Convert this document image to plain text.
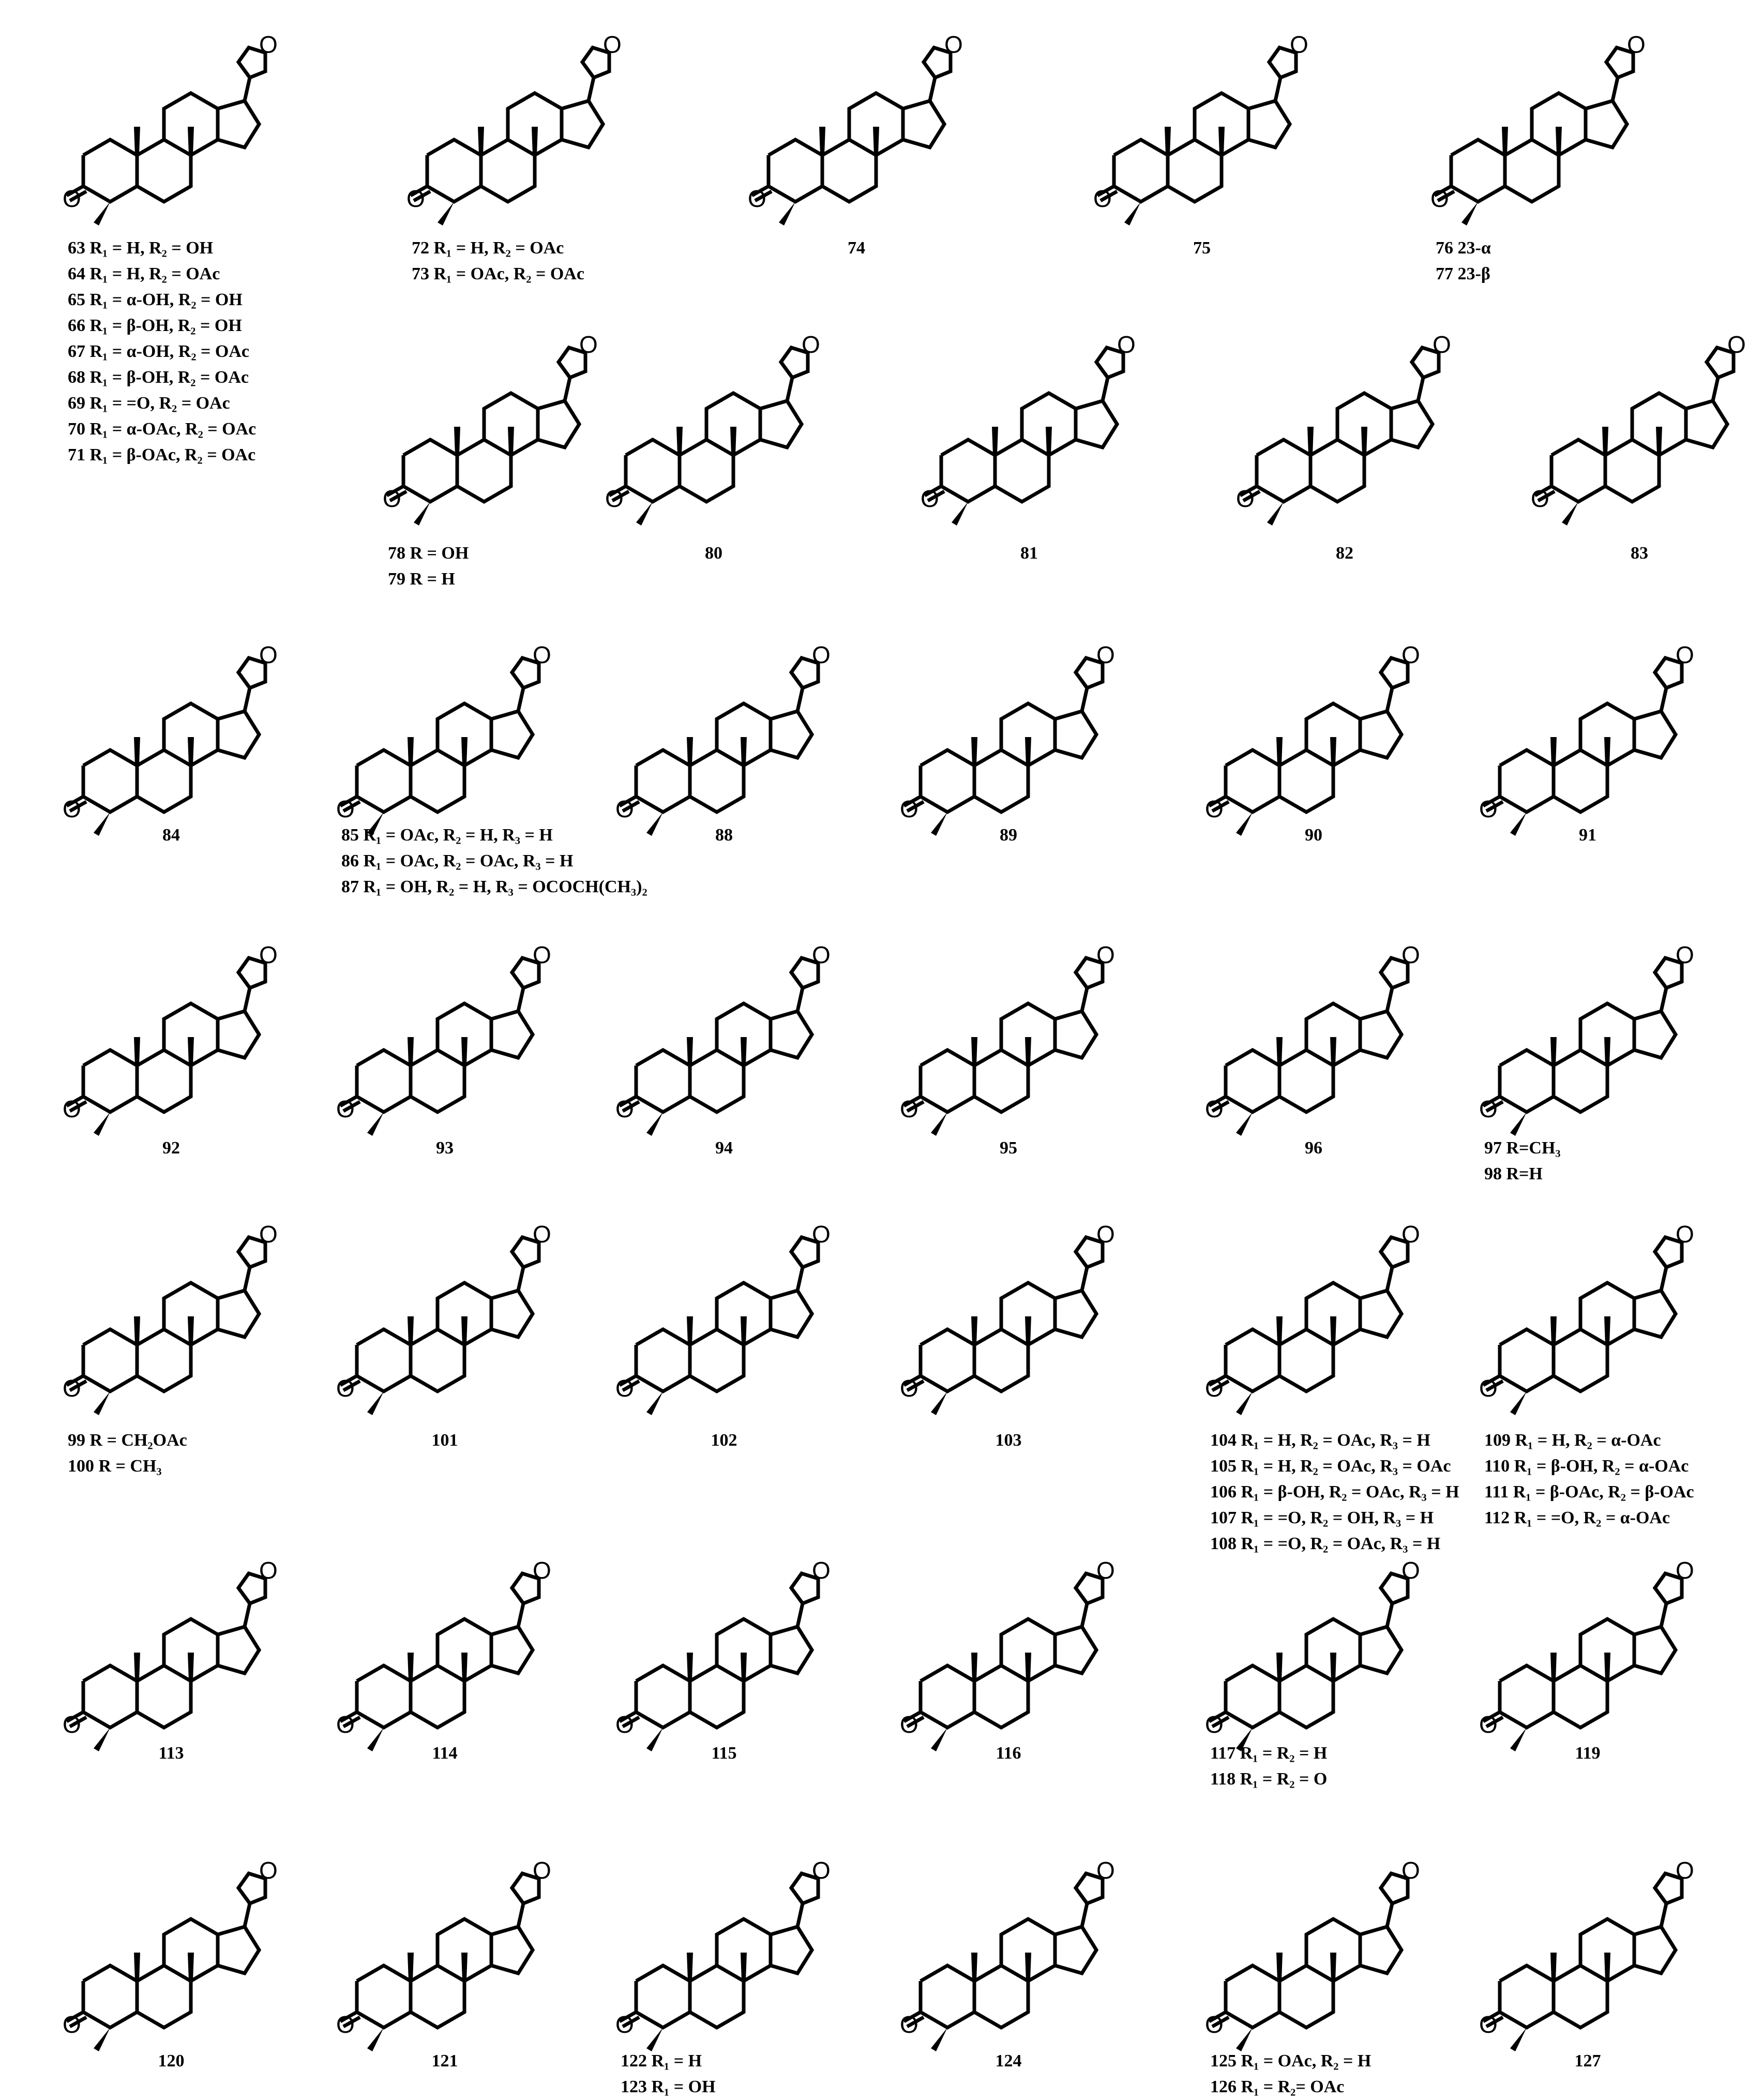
O
O
63 R₁ = H, R₂ = OH
64 R₁ = H, R₂ = OAc
65 R₁ = α-OH, R₂ = OH
66 R₁ = β-OH, R₂ = OH
67 R₁ = α-OH, R₂ = OAc
68 R₁ = β-OH, R₂ = OAc
69 R₁ = =O, R₂ = OAc
70 R₁ = α-OAc, R₂ = OAc
71 R₁ = β-OAc, R₂ = OAc
O
O
72 R₁ = H, R₂ = OAc
73 R₁ = OAc, R₂ = OAc
O
O
74
O
O
75
O
O
76 23-α
77 23-β
O
O
78 R = OH
79 R = H
O
O
80
O
O
81
O
O
82
O
O
83
O
O
84
O
O
85 R₁ = OAc, R₂ = H, R₃ = H
86 R₁ = OAc, R₂ = OAc, R₃ = H
87 R₁ = OH, R₂ = H, R₃ = OCOCH(CH₃)₂
O
O
88
O
O
89
O
O
90
O
O
91
O
O
92
O
O
93
O
O
94
O
O
95
O
O
96
O
O
97 R=CH₃
98 R=H
O
O
99 R = CH₂OAc
100 R = CH₃
O
O
101
O
O
102
O
O
103
O
O
104 R₁ = H, R₂ = OAc, R₃ = H
105 R₁ = H, R₂ = OAc, R₃ = OAc
106 R₁ = β-OH, R₂ = OAc, R₃ = H
107 R₁ = =O, R₂ = OH, R₃ = H
108 R₁ = =O, R₂ = OAc, R₃ = H
O
O
109 R₁ = H, R₂ = α-OAc
110 R₁ = β-OH, R₂ = α-OAc
111 R₁ = β-OAc, R₂ = β-OAc
112 R₁ = =O, R₂ = α-OAc
O
O
113
O
O
114
O
O
115
O
O
116
O
O
117 R₁ = R₂ = H
118 R₁ = R₂ = O
O
O
119
O
O
120
O
O
121
O
O
122 R₁ = H
123 R₁ = OH
O
O
124
O
O
125 R₁ = OAc, R₂ = H
126 R₁ = R₂= OAc
O
O
127
